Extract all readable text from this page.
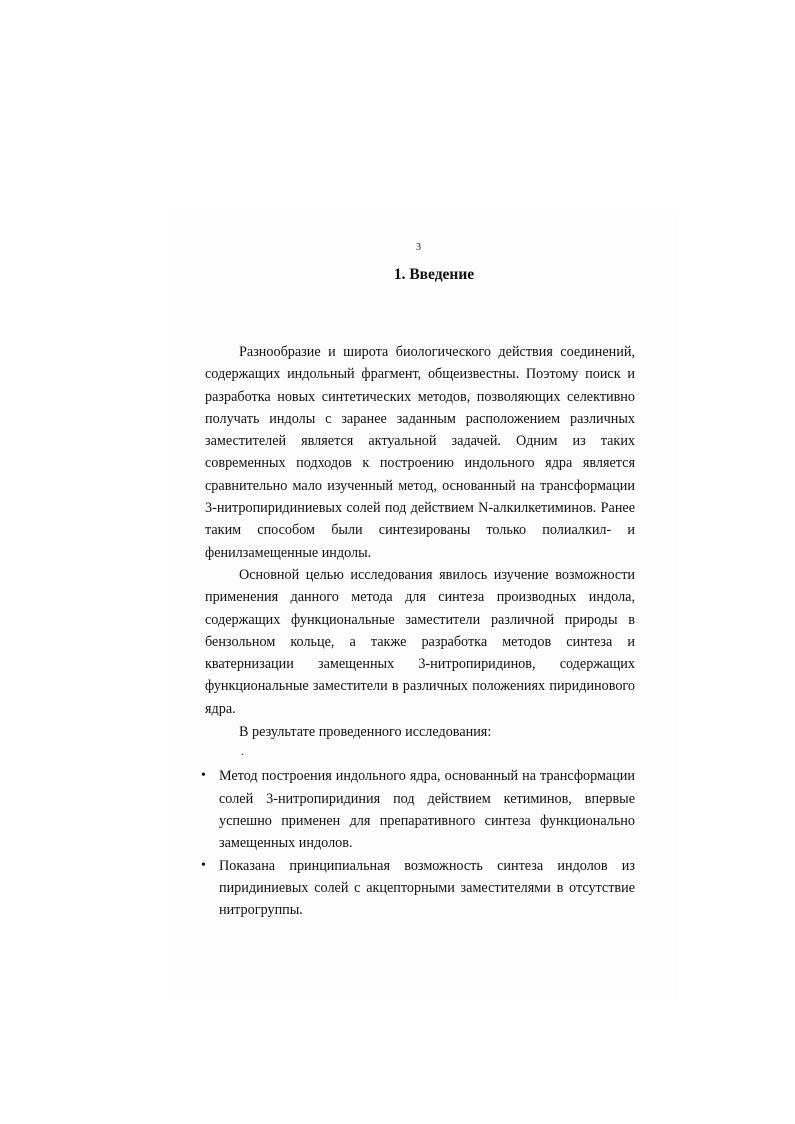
3
1. Введение

Разнообразие и широта биологического действия соединений, содержащих индольный фрагмент, общеизвестны. Поэтому поиск и разработка новых синтетических методов, позволяющих селективно получать индолы с заранее заданным расположением различных заместителей является актуальной задачей. Одним из таких современных подходов к построению индольного ядра является сравнительно мало изученный метод, основанный на трансформации 3-нитропиридиниевых солей под действием N-алкилкетиминов. Ранее таким способом были синтезированы только полиалкил- и фенилзамещенные индолы.

Основной целью исследования явилось изучение возможности применения данного метода для синтеза производных индола, содержащих функциональные заместители различной природы в бензольном кольце, а также разработка методов синтеза и кватернизации замещенных 3-нитропиридинов, содержащих функциональные заместители в различных положениях пиридинового ядра.

В результате проведенного исследования:

.
• Метод построения индольного ядра, основанный на трансформации солей 3-нитропиридиния под действием кетиминов, впервые успешно применен для препаративного синтеза функционально замещенных индолов.
• Показана принципиальная возможность синтеза индолов из пиридиниевых солей с акцепторными заместителями в отсутствие нитрогруппы.
